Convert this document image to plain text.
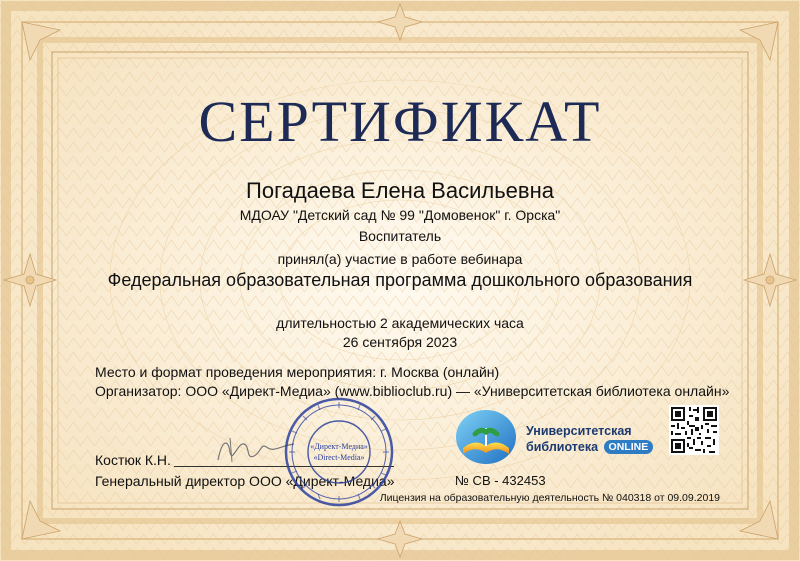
СЕРТИФИКАТ
Погадаева Елена Васильевна
МДОАУ "Детский сад № 99 "Домовенок" г. Орска"
Воспитатель
принял(а) участие в работе вебинара
Федеральная образовательная программа дошкольного образования
длительностью 2 академических часа
26 сентября 2023
Место и формат проведения мероприятия: г. Москва (онлайн)
Организатор: ООО «Директ-Медиа» (www.biblioclub.ru) — «Университетская библиотека онлайн»
Костюк К.Н.
Генеральный директор ООО «Директ-Медиа»
«Директ-Медиа»
«Direct-Media»
Университетская
библиотека ONLINE
№ СВ - 432453
Лицензия на образовательную деятельность № 040318 от 09.09.2019
